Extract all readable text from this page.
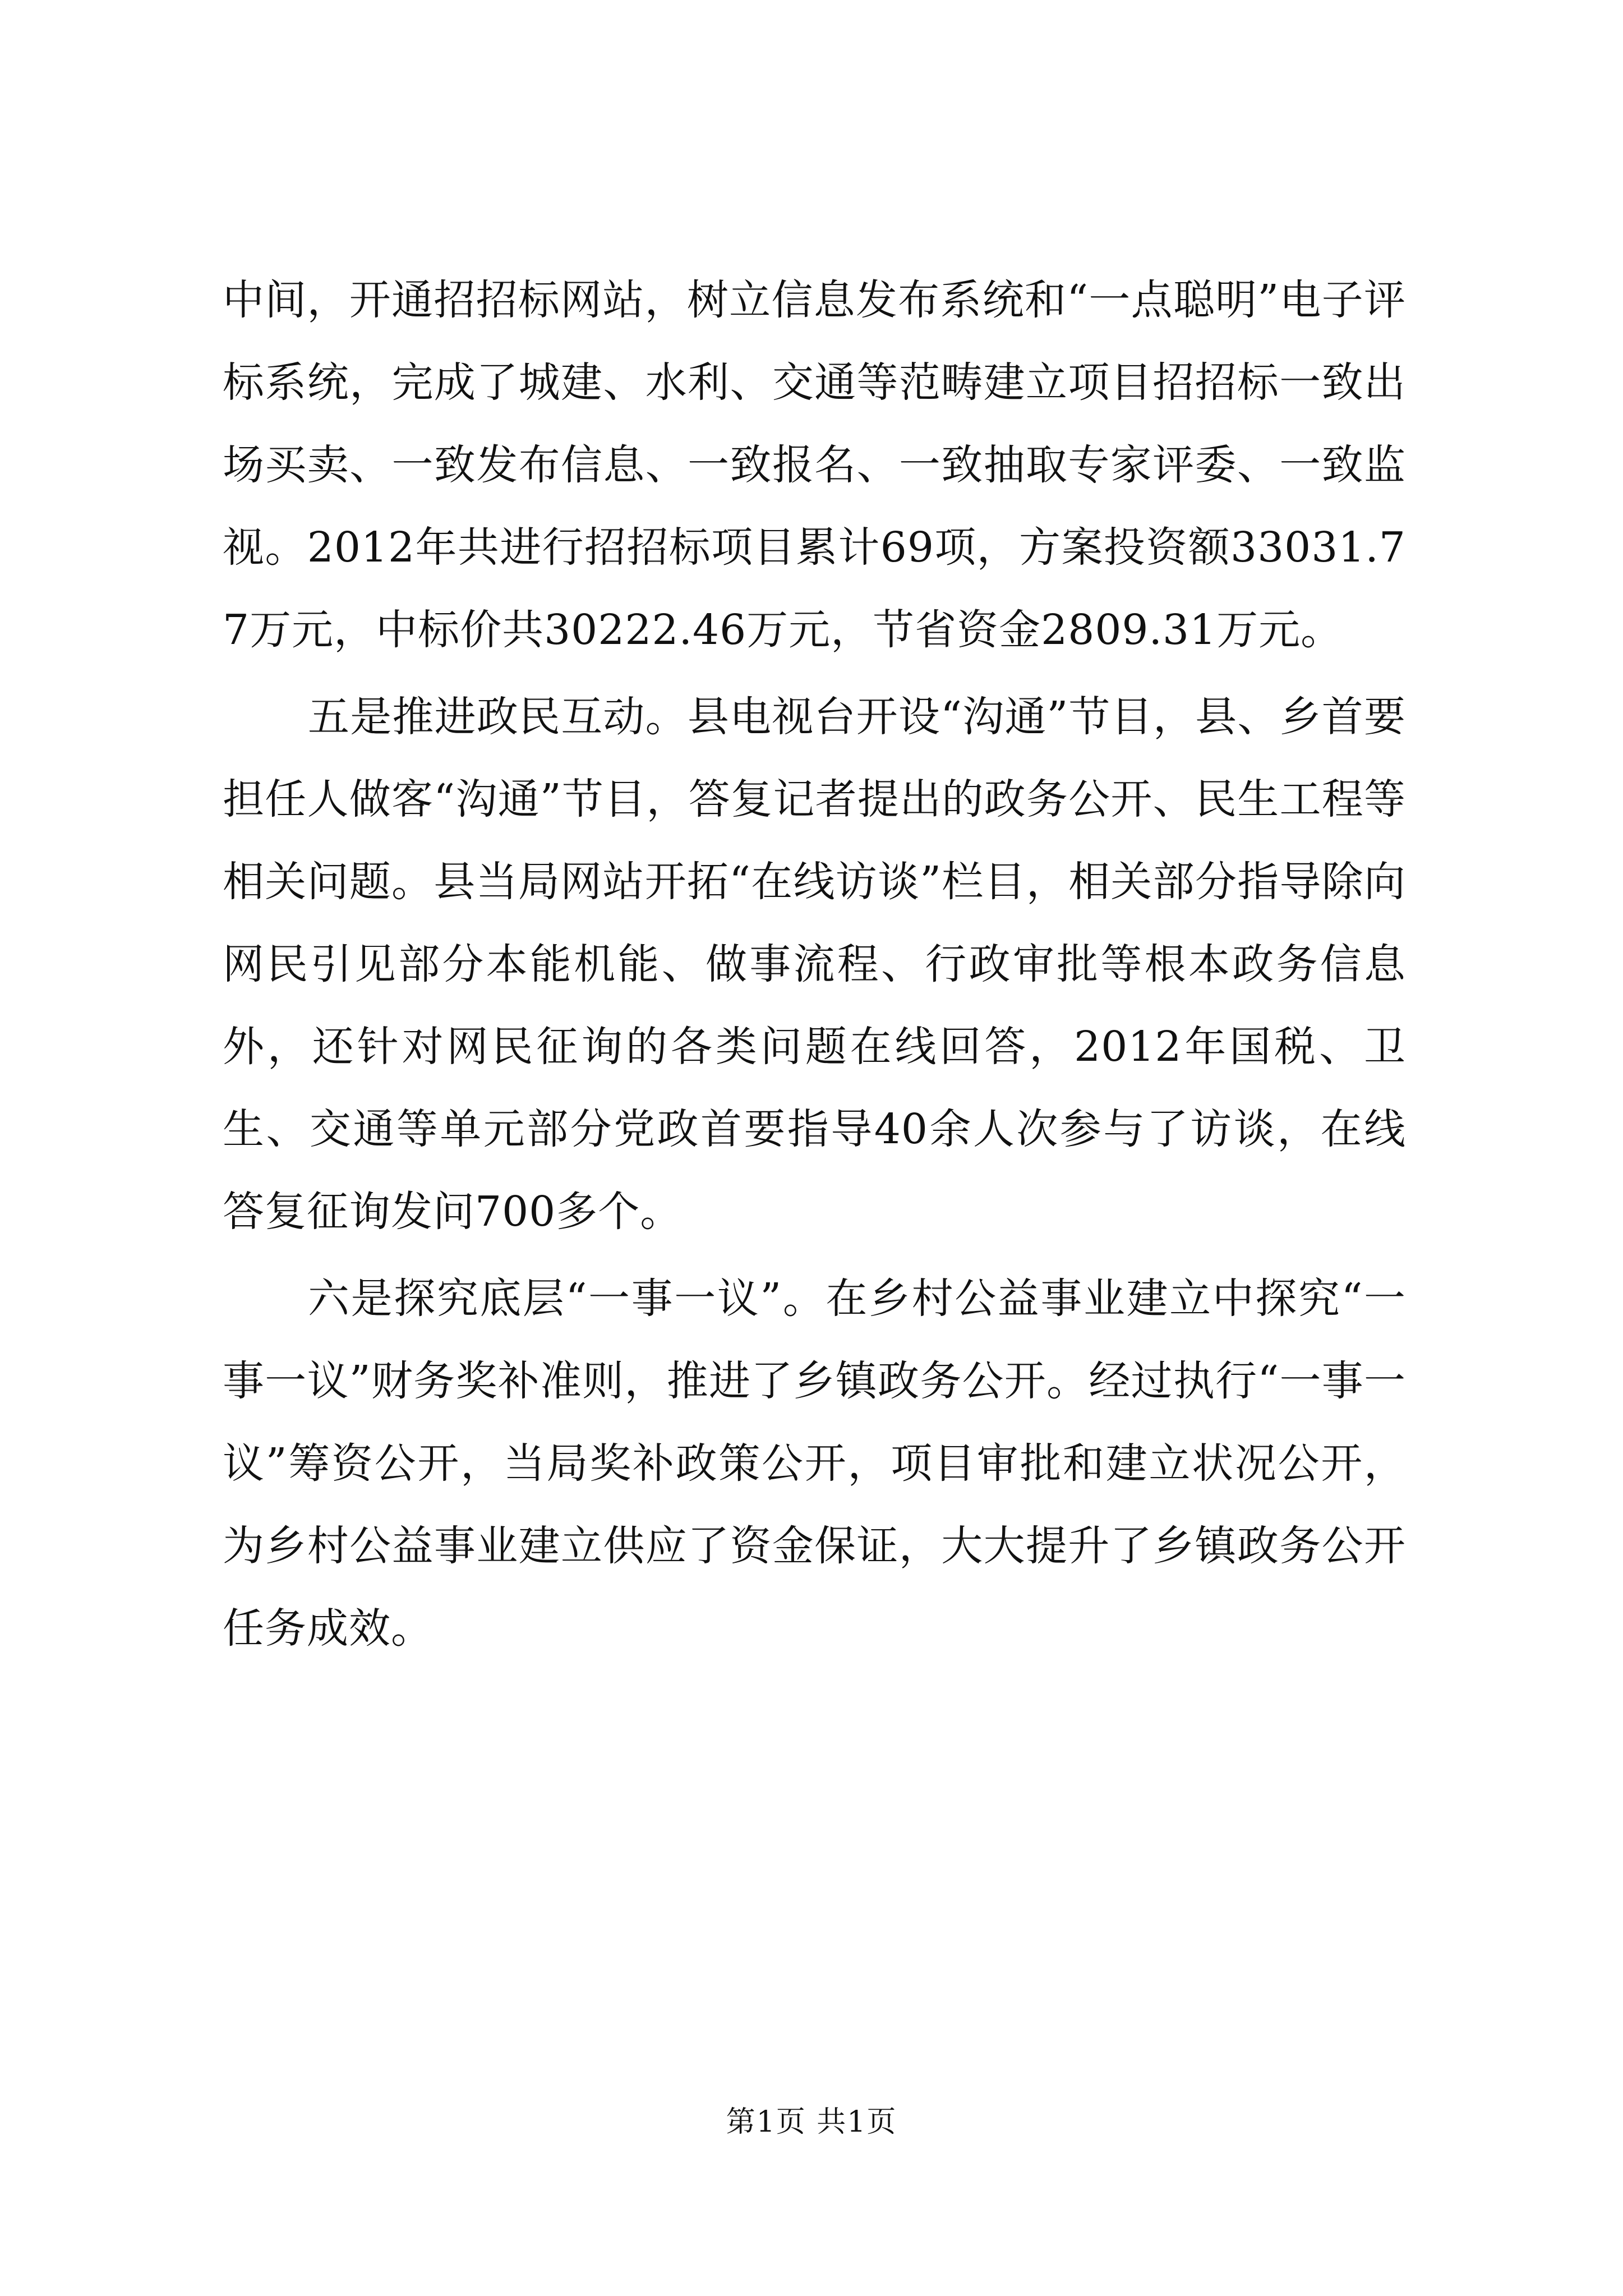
中间，开通招招标网站，树立信息发布系统和“一点聪明”电子评标系统，完成了城建、水利、交通等范畴建立项目招招标一致出场买卖、一致发布信息、一致报名、一致抽取专家评委、一致监视。2012年共进行招招标项目累计69项，方案投资额33031.77万元，中标价共30222.46万元，节省资金2809.31万元。

五是推进政民互动。县电视台开设“沟通”节目，县、乡首要担任人做客“沟通”节目，答复记者提出的政务公开、民生工程等相关问题。县当局网站开拓“在线访谈”栏目，相关部分指导除向网民引见部分本能机能、做事流程、行政审批等根本政务信息外，还针对网民征询的各类问题在线回答，2012年国税、卫生、交通等单元部分党政首要指导40余人次参与了访谈，在线答复征询发问700多个。

六是探究底层“一事一议”。在乡村公益事业建立中探究“一事一议”财务奖补准则，推进了乡镇政务公开。经过执行“一事一议”筹资公开，当局奖补政策公开，项目审批和建立状况公开，为乡村公益事业建立供应了资金保证，大大提升了乡镇政务公开任务成效。

第1页 共1页
